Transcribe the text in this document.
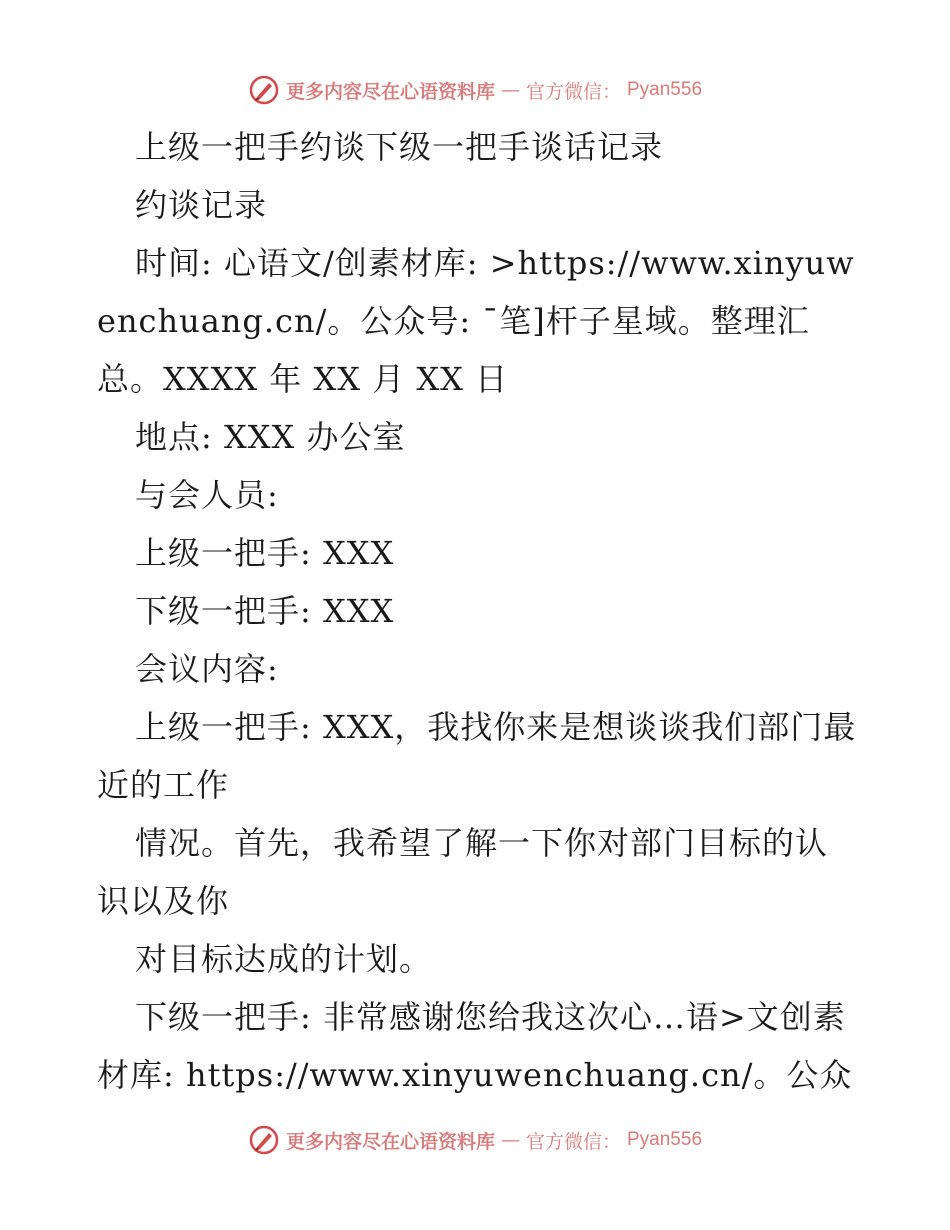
更多内容尽在心语资料库 — 官方微信： Pyan556

上级一把手约谈下级一把手谈话记录

约谈记录

时间: 心语文/创素材库: >https://www.xinyuwenchuang.cn/。公众号: ¯笔]杆子星域。整理汇总。XXXX 年 XX 月 XX 日

地点: XXX 办公室

与会人员:

上级一把手: XXX

下级一把手: XXX

会议内容:

上级一把手: XXX，我找你来是想谈谈我们部门最近的工作

情况。首先，我希望了解一下你对部门目标的认识以及你

对目标达成的计划。

下级一把手: 非常感谢您给我这次心…语>文创素材库: https://www.xinyuwenchuang.cn/。公众

更多内容尽在心语资料库 — 官方微信： Pyan556
